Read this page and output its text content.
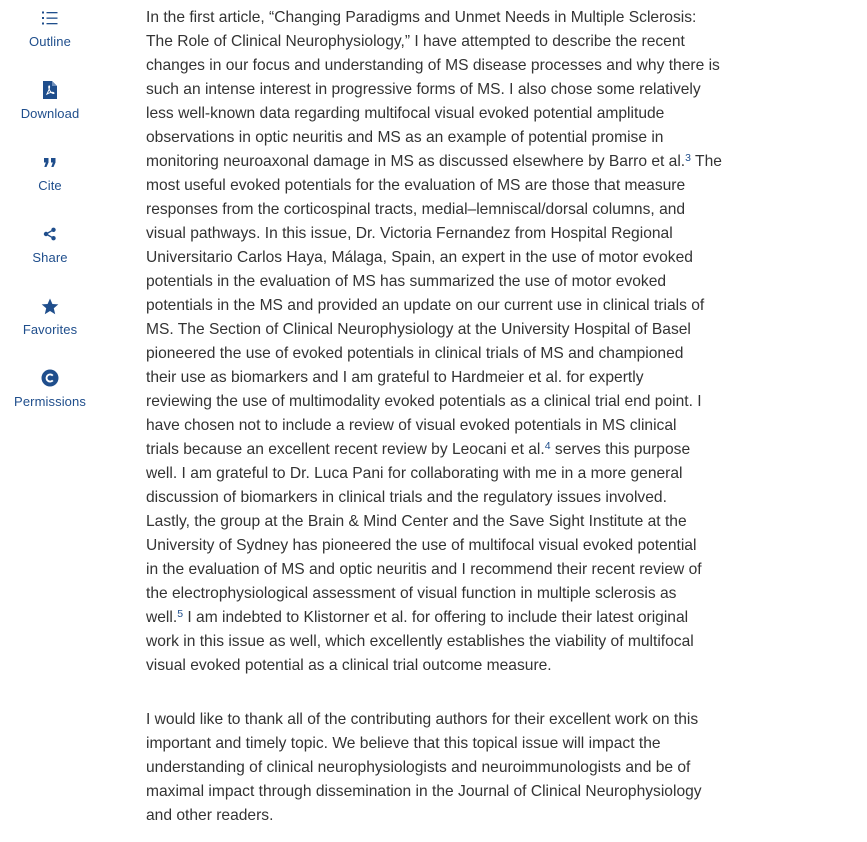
Outline
Download
Cite
Share
Favorites
Permissions

In the first article, “Changing Paradigms and Unmet Needs in Multiple Sclerosis:
The Role of Clinical Neurophysiology,” I have attempted to describe the recent
changes in our focus and understanding of MS disease processes and why there is
such an intense interest in progressive forms of MS. I also chose some relatively
less well-known data regarding multifocal visual evoked potential amplitude
observations in optic neuritis and MS as an example of potential promise in
monitoring neuroaxonal damage in MS as discussed elsewhere by Barro et al.$^3$ The
most useful evoked potentials for the evaluation of MS are those that measure
responses from the corticospinal tracts, medial–lemniscal/dorsal columns, and
visual pathways. In this issue, Dr. Victoria Fernandez from Hospital Regional
Universitario Carlos Haya, Málaga, Spain, an expert in the use of motor evoked
potentials in the evaluation of MS has summarized the use of motor evoked
potentials in the MS and provided an update on our current use in clinical trials of
MS. The Section of Clinical Neurophysiology at the University Hospital of Basel
pioneered the use of evoked potentials in clinical trials of MS and championed
their use as biomarkers and I am grateful to Hardmeier et al. for expertly
reviewing the use of multimodality evoked potentials as a clinical trial end point. I
have chosen not to include a review of visual evoked potentials in MS clinical
trials because an excellent recent review by Leocani et al.$^4$ serves this purpose
well. I am grateful to Dr. Luca Pani for collaborating with me in a more general
discussion of biomarkers in clinical trials and the regulatory issues involved.
Lastly, the group at the Brain & Mind Center and the Save Sight Institute at the
University of Sydney has pioneered the use of multifocal visual evoked potential
in the evaluation of MS and optic neuritis and I recommend their recent review of
the electrophysiological assessment of visual function in multiple sclerosis as
well.$^5$ I am indebted to Klistorner et al. for offering to include their latest original
work in this issue as well, which excellently establishes the viability of multifocal
visual evoked potential as a clinical trial outcome measure.

I would like to thank all of the contributing authors for their excellent work on this
important and timely topic. We believe that this topical issue will impact the
understanding of clinical neurophysiologists and neuroimmunologists and be of
maximal impact through dissemination in the Journal of Clinical Neurophysiology
and other readers.
